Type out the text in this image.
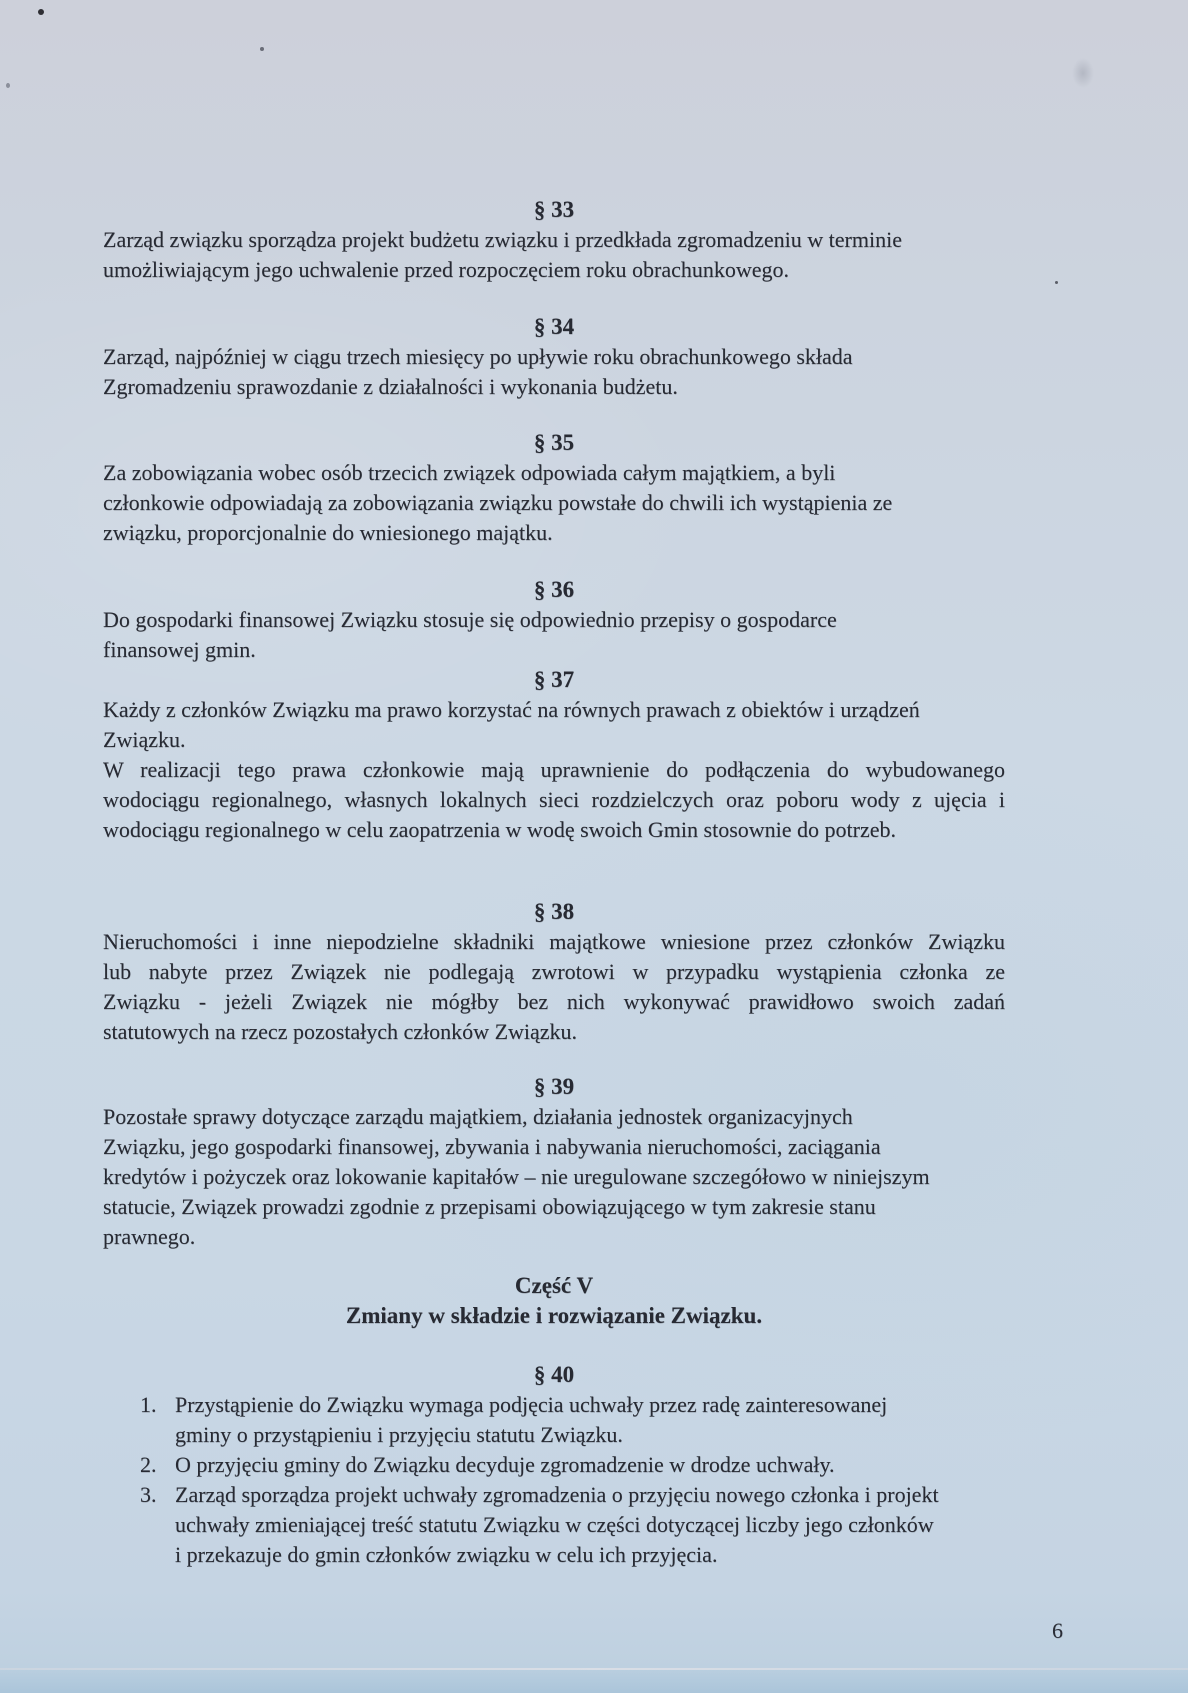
§ 33
Zarząd związku sporządza projekt budżetu związku i przedkłada zgromadzeniu w terminie
umożliwiającym jego uchwalenie przed rozpoczęciem roku obrachunkowego.
§ 34
Zarząd, najpóźniej w ciągu trzech miesięcy po upływie roku obrachunkowego składa
Zgromadzeniu sprawozdanie z działalności i wykonania budżetu.
§ 35
Za zobowiązania wobec osób trzecich związek odpowiada całym majątkiem, a byli
członkowie odpowiadają za zobowiązania związku powstałe do chwili ich wystąpienia ze
związku, proporcjonalnie do wniesionego majątku.
§ 36
Do gospodarki finansowej Związku stosuje się odpowiednio przepisy o gospodarce
finansowej gmin.
§ 37
Każdy z członków Związku ma prawo korzystać na równych prawach z obiektów i urządzeń
Związku.
W realizacji tego prawa członkowie mają uprawnienie do podłączenia do wybudowanego
wodociągu regionalnego, własnych lokalnych sieci rozdzielczych oraz poboru wody z ujęcia i
wodociągu regionalnego w celu zaopatrzenia w wodę swoich Gmin stosownie do potrzeb.
§ 38
Nieruchomości i inne niepodzielne składniki majątkowe wniesione przez członków Związku
lub nabyte przez Związek nie podlegają zwrotowi w przypadku wystąpienia członka ze
Związku - jeżeli Związek nie mógłby bez nich wykonywać prawidłowo swoich zadań
statutowych na rzecz pozostałych członków Związku.
§ 39
Pozostałe sprawy dotyczące zarządu majątkiem, działania jednostek organizacyjnych
Związku, jego gospodarki finansowej, zbywania i nabywania nieruchomości, zaciągania
kredytów i pożyczek oraz lokowanie kapitałów – nie uregulowane szczegółowo w niniejszym
statucie, Związek prowadzi zgodnie z przepisami obowiązującego w tym zakresie stanu
prawnego.
Część V
Zmiany w składzie i rozwiązanie Związku.
§ 40
1. Przystąpienie do Związku wymaga podjęcia uchwały przez radę zainteresowanej
gminy o przystąpieniu i przyjęciu statutu Związku.
2. O przyjęciu gminy do Związku decyduje zgromadzenie w drodze uchwały.
3. Zarząd sporządza projekt uchwały zgromadzenia o przyjęciu nowego członka i projekt
uchwały zmieniającej treść statutu Związku w części dotyczącej liczby jego członków
i przekazuje do gmin członków związku w celu ich przyjęcia.
6
